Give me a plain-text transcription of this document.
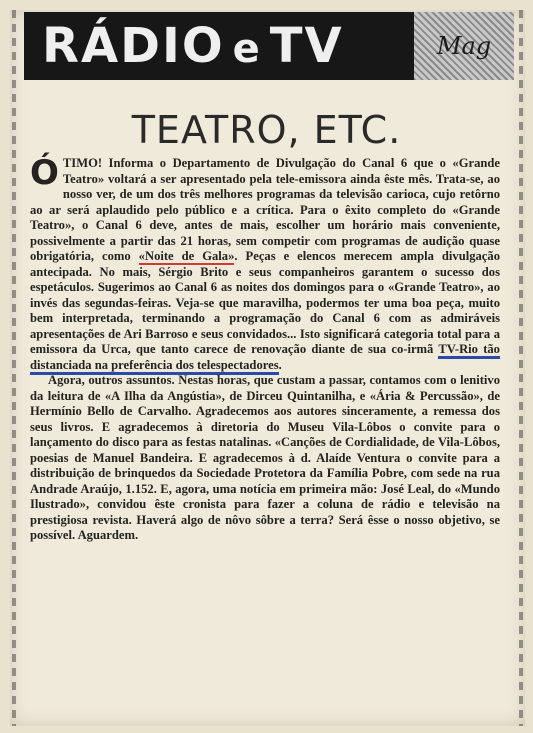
RÁDIO e TV	Mag
TEATRO, ETC.

ÓTIMO! Informa o Departamento de Divulgação do Canal 6 que o «Grande Teatro» voltará a ser apresentado pela tele-emissora ainda êste mês. Trata-se, ao nosso ver, de um dos três melhores programas da televisão carioca, cujo retôrno ao ar será aplaudido pelo público e a crítica. Para o êxito completo do «Grande Teatro», o Canal 6 deve, antes de mais, escolher um horário mais conveniente, possivelmente a partir das 21 horas, sem competir com programas de audição quase obrigatória, como «Noite de Gala». Peças e elencos merecem ampla divulgação antecipada. No mais, Sérgio Brito e seus companheiros garantem o sucesso dos espetáculos. Sugerimos ao Canal 6 as noites dos domingos para o «Grande Teatro», ao invés das segundas-feiras. Veja-se que maravilha, podermos ter uma boa peça, muito bem interpretada, terminando a programação do Canal 6 com as admiráveis apresentações de Ari Barroso e seus convidados... Isto significará categoria total para a emissora da Urca, que tanto carece de renovação diante de sua co-irmã TV-Rio tão distanciada na preferência dos telespectadores.

Agora, outros assuntos. Nestas horas, que custam a passar, contamos com o lenitivo da leitura de «A Ilha da Angústia», de Dirceu Quintanilha, e «Ária & Percussão», de Hermínio Bello de Carvalho. Agradecemos aos autores sinceramente, a remessa dos seus livros. E agradecemos à diretoria do Museu Vila-Lôbos o convite para o lançamento do disco para as festas natalinas. «Canções de Cordialidade, de Vila-Lôbos, poesias de Manuel Bandeira. E agradecemos à d. Alaíde Ventura o convite para a distribuição de brinquedos da Sociedade Protetora da Família Pobre, com sede na rua Andrade Araújo, 1.152. E, agora, uma notícia em primeira mão: José Leal, do «Mundo Ilustrado», convidou êste cronista para fazer a coluna de rádio e televisão na prestigiosa revista. Haverá algo de nôvo sôbre a terra? Será êsse o nosso objetivo, se possível. Aguardem.
